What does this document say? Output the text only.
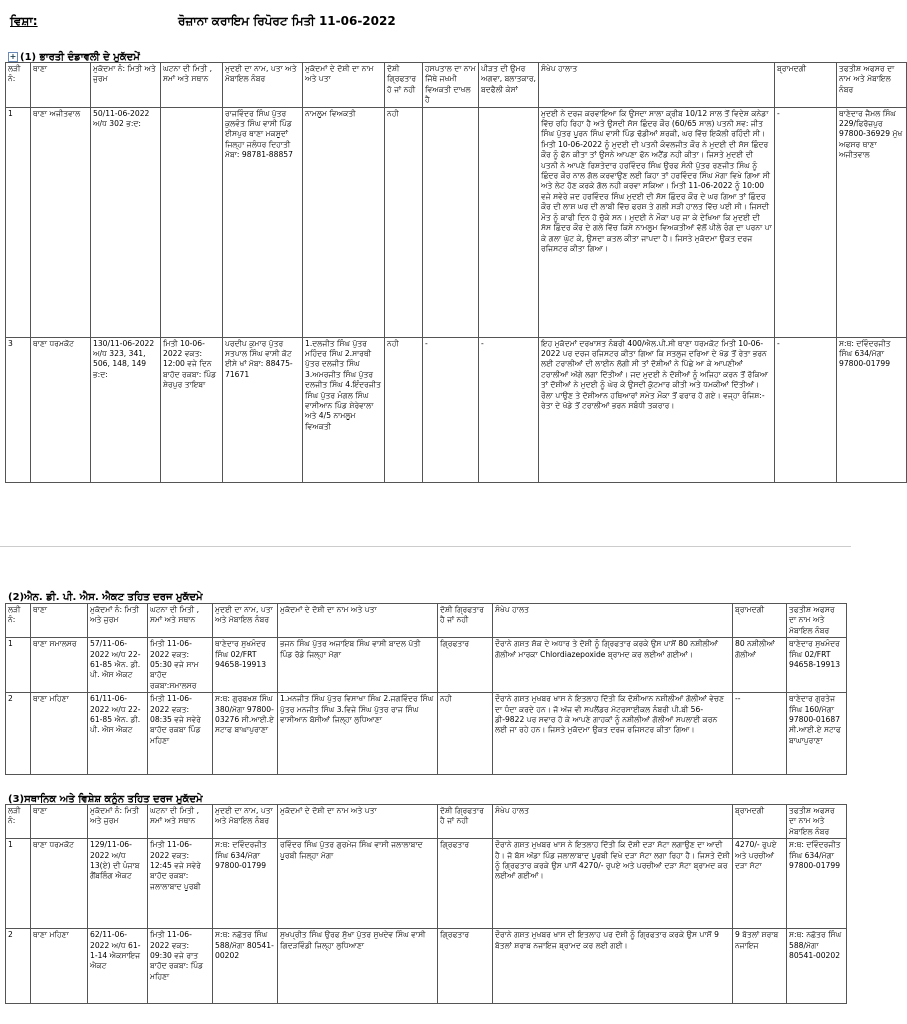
ਵਿਸ਼ਾ:	ਰੋਜ਼ਾਨਾ ਕਰਾਇਮ ਰਿਪੋਰਟ ਮਿਤੀ 11-06-2022
+ (1) ਭਾਰਤੀ ਦੰਡਾਵਲੀ ਦੇ ਮੁਕੱਦਮੇਂ
ਲੜੀ ਨੰ:	ਥਾਣਾ	ਮੁਕੱਦਮਾ ਨੰ: ਮਿਤੀ ਅਤੇ ਜੁਰਮ	ਘਟਨਾ ਦੀ ਮਿਤੀ , ਸਮਾਂ ਅਤੇ ਸਥਾਨ	ਮੁਦਈ ਦਾ ਨਾਮ, ਪਤਾ ਅਤੇ ਮੋਬਾਇਲ ਨੰਬਰ	ਮੁਕੱਦਮਾਂ ਦੇ ਦੋਸ਼ੀ ਦਾ ਨਾਮ ਅਤੇ ਪਤਾ	ਦੋਸ਼ੀ ਗ੍ਰਿਫਤਾਰ ਹੋ ਜਾਂ ਨਹੀ	ਹਸਪਤਾਲ ਦਾ ਨਾਮ ਜਿੱਥੇ ਜਖਮੀ ਵਿਅਕਤੀ ਦਾਖਲ ਹੈ	ਪੀੜਤ ਦੀ ਉਮਰ ਅਗਵਾ, ਬਲਾਤਕਾਰ, ਬਦਫੈਲੀ ਕੇਸਾਂ	ਸੰਖੇਪ ਹਾਲਾਤ	ਬ੍ਰਾਮਦਗੀ	ਤਫਤੀਸ਼ ਅਫਸਰ ਦਾ ਨਾਮ ਅਤੇ ਮੋਬਾਇਲ ਨੰਬਰ
1	ਥਾਣਾ ਅਜੀਤਵਾਲ	50/11-06-2022 ਅ/ਧ 302 ਭ:ਦ:		ਰਾਜਵਿੰਦਰ ਸਿੰਘ ਪੁੱਤਰ ਕੁਲਵੰਤ ਸਿੰਘ ਵਾਸੀ ਪਿੰਡ ਈਸਪੁਰ ਥਾਣਾ ਮਕਸੂਦਾਂ ਜਿਲ੍ਹਾ ਜਲੰਧਰ ਦਿਹਾਤੀ ਮੋਬਾ: 98781-88857	ਨਾਮਲੂਮ ਵਿਅਕਤੀ	ਨਹੀ			ਮੁਦਈ ਨੇ ਦਰਜ ਕਰਵਾਇਆ ਕਿ ਉਸਦਾ ਸਾਲਾ ਕ੍ਰੀਬ 10/12 ਸਾਲ ਤੋਂ ਵਿਦੇਸ਼ ਕਨੇਡਾ ਵਿੱਚ ਰਹਿ ਰਿਹਾ ਹੈ ਅਤੇ ਉਸਦੀ ਸੱਸ ਛਿੰਦਰ ਕੌਰ (60/65 ਸਾਲ) ਪਤਨੀ ਸਵ: ਜੀਤ ਸਿੰਘ ਪੁੱਤਰ ਪੂਰਨ ਸਿੰਘ ਵਾਸੀ ਪਿੰਡ ਢੱਡੀਆਂ ਸ਼ਰਕੀ, ਘਰ ਵਿੱਚ ਇਕੱਲੀ ਰਹਿੰਦੀ ਸੀ। ਮਿਤੀ 10-06-2022 ਨੂੰ ਮੁਦਈ ਦੀ ਪਤਨੀ ਕੰਵਲਜੀਤ ਕੌਰ ਨੇ ਮੁਦਈ ਦੀ ਸੱਸ ਛਿੰਦਰ ਕੌਰ ਨੂੰ ਫੋਨ ਕੀਤਾ ਤਾਂ ਉਸਨੇ ਆਪਣਾ ਫੋਨ ਅਟੈਂਡ ਨਹੀ ਕੀਤਾ। ਜਿਸਤੇ ਮੁਦਈ ਦੀ ਪਤਨੀ ਨੇ ਆਪਣੇ ਰਿਸ਼ਤੇਦਾਰ ਹਰਵਿੰਦਰ ਸਿੰਘ ਉਰਫ ਸੰਨੀ ਪੁੱਤਰ ਰਣਜੀਤ ਸਿੰਘ ਨੂੰ ਛਿੰਦਰ ਕੌਰ ਨਾਲ ਗੱਲ ਕਰਵਾਉਣ ਲਈ ਕਿਹਾ ਤਾਂ ਹਰਵਿੰਦਰ ਸਿੰਘ ਮੋਗਾ ਵਿਖੇ ਗਿਆ ਸੀ ਅਤੇ ਲੇਟ ਹੋਣ ਕਰਕੇ ਗੱਲ ਨਹੀ ਕਰਵਾ ਸਕਿਆ। ਮਿਤੀ 11-06-2022 ਨੂੰ 10:00 ਵਜੇ ਸਵੇਰੇ ਜਦ ਹਰਵਿੰਦਰ ਸਿੰਘ ਮੁਦਈ ਦੀ ਸੱਸ ਛਿੰਦਰ ਕੌਰ ਦੇ ਘਰ ਗਿਆ ਤਾਂ ਛਿੰਦਰ ਕੌਰ ਦੀ ਲਾਸ਼ ਘਰ ਦੀ ਲਾਬੀ ਵਿੱਚ ਫਰਸ਼ ਤੇ ਗਲੀ ਸੜੀ ਹਾਲਤ ਵਿੱਚ ਪਈ ਸੀ। ਜਿਸਦੀ ਮੌਤ ਨੂੰ ਕਾਫੀ ਦਿਨ ਹੋ ਚੁੱਕੇ ਸਨ। ਮੁਦਈ ਨੇ ਮੌਕਾ ਪਰ ਜਾ ਕੇ ਦੇਖਿਆ ਕਿ ਮੁਦਈ ਦੀ ਸੱਸ ਛਿੰਦਰ ਕੌਰ ਦੇ ਗਲੇ ਵਿੱਚ ਕਿਸੇ ਨਾਮਲੂਮ ਵਿਅਕਤੀਆਂ ਵੱਲੋਂ ਪੀਲੇ ਰੰਗ ਦਾ ਪਰਨਾ ਪਾ ਕੇ ਗਲਾ ਘੁੱਟ ਕੇ, ਉਸਦਾ ਕਤਲ ਕੀਤਾ ਜਾਪਦਾ ਹੈ। ਜਿਸਤੇ ਮੁਕੱਦਮਾ ਉਕਤ ਦਰਜ ਰਜਿਸਟਰ ਕੀਤਾ ਗਿਆ।	-	ਥਾਣੇਦਾਰ ਜੈਮਲ ਸਿੰਘ 229/ਫਿਰੋਜ਼ਪੁਰ 97800-36929 ਮੁੱਖ ਅਫਸਰ ਥਾਣਾ ਅਜੀਤਵਾਲ
3	ਥਾਣਾ ਧਰਮਕੋਟ	130/11-06-2022 ਅ/ਧ 323, 341, 506, 148, 149 ਭ:ਦ:	ਮਿਤੀ 10-06-2022 ਵਕਤ: 12:00 ਵਜੇ ਦਿਨ ਬਾਹੱਦ ਰਕਬਾ: ਪਿੰਡ ਸ਼ੇਰਪੁਰ ਤਾਇਬਾ	ਪਰਦੀਪ ਕੁਮਾਰ ਪੁੱਤਰ ਸਤਪਾਲ ਸਿੰਘ ਵਾਸੀ ਕੋਟ ਈਸੇ ਖਾਂ ਮੋਬਾ: 88475-71671	1.ਦਲਜੀਤ ਸਿੰਘ ਪੁੱਤਰ ਮਹਿੰਦਰ ਸਿੰਘ 2.ਸਾਰਥੀ ਪੁੱਤਰ ਦਲਜੀਤ ਸਿੰਘ 3.ਅਮਰਜੀਤ ਸਿੰਘ ਪੁੱਤਰ ਦਲਜੀਤ ਸਿੰਘ 4.ਇੰਦਰਜੀਤ ਸਿੰਘ ਪੁੱਤਰ ਮੰਗਲ ਸਿੰਘ ਵਾਸੀਆਨ ਪਿੰਡ ਸ਼ੇਰੇਵਾਲਾ ਅਤੇ 4/5 ਨਾਮਲੂਮ ਵਿਅਕਤੀ	ਨਹੀ	-	-	ਇਹ ਮੁਕੱਦਮਾਂ ਦਰਖਾਸਤ ਨੰਬਰੀ 400/ਐਲ.ਪੀ.ਸੀ ਥਾਣਾ ਧਰਮਕੋਟ ਮਿਤੀ 10-06-2022 ਪਰ ਦਰਜ ਰਜਿਸਟਰ ਕੀਤਾ ਗਿਆ ਕਿ ਸਤਲੁਜ ਦਰਿਆ ਦੇ ਖੱਡ ਤੋਂ ਰੇਤਾ ਭਰਨ ਲਈ ਟਰਾਲੀਆਂ ਦੀ ਲਾਈਨ ਲੱਗੀ ਸੀ ਤਾਂ ਦੋਸ਼ੀਆਂ ਨੇ ਪਿੱਛੇ ਆ ਕੇ ਆਪਣੀਆਂ ਟਰਾਲੀਆਂ ਅੱਗੇ ਲਗਾ ਦਿੱਤੀਆਂ। ਜਦ ਮੁਦਈ ਨੇ ਦੋਸ਼ੀਆਂ ਨੂੰ ਅਜਿਹਾ ਕਰਨ ਤੋਂ ਰੋਕਿਆ ਤਾਂ ਦੋਸ਼ੀਆਂ ਨੇ ਮੁਦਈ ਨੂੰ ਘੇਰ ਕੇ ਉਸਦੀ ਕੁੱਟਮਾਰ ਕੀਤੀ ਅਤੇ ਧਮਕੀਆਂ ਦਿੱਤੀਆਂ। ਰੌਲਾ ਪਾਉਣ ਤੇ ਦੋਸ਼ੀਆਨ ਹਥਿਆਰਾਂ ਸਮੇਤ ਮੌਕਾ ਤੋਂ ਫਰਾਰ ਹੋ ਗਏ। ਵਜ੍ਹਾ ਰੰਜਿਸ਼:- ਰੇਤਾ ਦੇ ਖੱਡੇ ਤੋਂ ਟਰਾਲੀਆਂ ਭਰਨ ਸਬੰਧੀ ਤਕਰਾਰ।	-	ਸ:ਥ: ਦਵਿੰਦਰਜੀਤ ਸਿੰਘ 634/ਮੋਗਾ 97800-01799
(2)ਐਨ. ਡੀ. ਪੀ. ਐਸ. ਐਕਟ ਤਹਿਤ ਦਰਜ ਮੁਕੱਦਮੇ
ਲੜੀ ਨੰ:	ਥਾਣਾ	ਮੁਕੱਦਮਾਂ ਨੰ: ਮਿਤੀ ਅਤੇ ਜੁਰਮ	ਘਟਨਾ ਦੀ ਮਿਤੀ , ਸਮਾਂ ਅਤੇ ਸਥਾਨ	ਮੁਦਈ ਦਾ ਨਾਮ, ਪਤਾ ਅਤੇ ਮੋਬਾਇਲ ਨੰਬਰ	ਮੁਕੱਦਮਾਂ ਦੇ ਦੋਸ਼ੀ ਦਾ ਨਾਮ ਅਤੇ ਪਤਾ	ਦੋਸ਼ੀ ਗ੍ਰਿਫਤਾਰ ਹੈ ਜਾਂ ਨਹੀ	ਸੰਖੇਪ ਹਾਲਤ	ਬ੍ਰਾਮਦਗੀ	ਤਫਤੀਸ਼ ਅਫਸਰ ਦਾ ਨਾਮ ਅਤੇ ਮੋਬਾਇਲ ਨੰਬਰ
1	ਥਾਣਾ ਸਮਾਲਸਰ	57/11-06-2022 ਅ/ਧ 22-61-85 ਐਨ. ਡੀ. ਪੀ. ਐਸ ਐਕਟ	ਮਿਤੀ 11-06-2022 ਵਕਤ: 05:30 ਵਜੇ ਸਾਮ ਬਾਹੱਦ ਰਕਬਾ:ਸਮਾਲਸਰ	ਥਾਣੇਦਾਰ ਸੁਖਮੰਦਰ ਸਿੰਘ 02/FRT 94658-19913	ਭਜਨ ਸਿੰਘ ਪੁੱਤਰ ਅਜਾਇਬ ਸਿੰਘ ਵਾਸੀ ਬਾਦਲ ਪੱਤੀ ਪਿੰਡ ਰੋਡੇ ਜਿਲ੍ਹਾ ਮੋਗਾ	ਗ੍ਰਿਫਤਾਰ	ਦੌਰਾਨੇ ਗਸ਼ਤ ਸ਼ੱਕ ਦੇ ਅਧਾਰ ਤੇ ਦੋਸ਼ੀ ਨੂੰ ਗ੍ਰਿਫਤਾਰ ਕਰਕੇ ਉਸ ਪਾਸੋਂ 80 ਨਸ਼ੀਲੀਆਂ ਗੋਲੀਆਂ ਮਾਰਕਾ Chlordiazepoxide ਬ੍ਰਾਮਦ ਕਰ ਲਈਆਂ ਗਈਆਂ।	80 ਨਸ਼ੀਲੀਆਂ ਗੋਲੀਆਂ	ਥਾਣੇਦਾਰ ਸੁਖਮੰਦਰ ਸਿੰਘ 02/FRT 94658-19913
2	ਥਾਣਾ ਮਹਿਣਾ	61/11-06-2022 ਅ/ਧ 22-61-85 ਐਨ. ਡੀ. ਪੀ. ਐਸ ਐਕਟ	ਮਿਤੀ 11-06-2022 ਵਕਤ: 08:35 ਵਜੇ ਸਵੇਰੇ ਬਾਹੱਦ ਰਕਬਾ ਪਿੰਡ ਮਹਿਣਾ	ਸ:ਥ: ਗੁਰਬਖਸ਼ ਸਿੰਘ 380/ਮੋਗਾ 97800-03276 ਸੀ.ਆਈ.ਏ ਸਟਾਫ ਬਾਘਾਪੁਰਾਣਾ	1.ਮਨਜੀਤ ਸਿੰਘ ਪੁੱਤਰ ਵਿਸਾਖਾ ਸਿੰਘ 2.ਜਗਵਿੰਦਰ ਸਿੰਘ ਪੁੱਤਰ ਮਨਜੀਤ ਸਿੰਘ 3.ਵਿਜੇ ਸਿੰਘ ਪੁੱਤਰ ਰਾਜ ਸਿੰਘ ਵਾਸੀਆਨ ਬੱਸੀਆਂ ਜਿਲ੍ਹਾ ਲੁਧਿਆਣਾ	ਨਹੀ	ਦੌਰਾਨੇ ਗਸ਼ਤ ਮੁਖਬਰ ਖਾਸ ਨੇ ਇਤਲਾਹ ਦਿੱਤੀ ਕਿ ਦੋਸ਼ੀਆਨ ਨਸ਼ੀਲੀਆਂ ਗੋਲੀਆਂ ਵੇਚਣ ਦਾ ਧੰਦਾ ਕਰਦੇ ਹਨ। ਜੋ ਅੱਜ ਵੀ ਸਪਲੈਂਡਰ ਮੋਟਰਸਾਈਕਲ ਨੰਬਰੀ ਪੀ.ਬੀ 56-ਡੀ-9822 ਪਰ ਸਵਾਰ ਹੋ ਕੇ ਆਪਣੇ ਗਾਹਕਾਂ ਨੂੰ ਨਸ਼ੀਲੀਆਂ ਗੋਲੀਆਂ ਸਪਲਾਈ ਕਰਨ ਲਈ ਜਾ ਰਹੇ ਹਨ। ਜਿਸਤੇ ਮੁਕੱਦਮਾ ਉਕਤ ਦਰਜ ਰਜਿਸਟਰ ਕੀਤਾ ਗਿਆ।	--	ਥਾਣੇਦਾਰ ਗੁਰਤੇਜ ਸਿੰਘ 160/ਮੋਗਾ 97800-01687 ਸੀ.ਆਈ.ਏ ਸਟਾਫ ਬਾਘਾਪੁਰਾਣਾ
(3)ਸਥਾਨਿਕ ਅਤੇ ਵਿਸ਼ੇਸ਼ ਕਨੂੰਨ ਤਹਿਤ ਦਰਜ ਮੁਕੱਦਮੇ
ਲੜੀ ਨੰ:	ਥਾਣਾ	ਮੁਕੱਦਮਾਂ ਨੰ: ਮਿਤੀ ਅਤੇ ਜੁਰਮ	ਘਟਨਾ ਦੀ ਮਿਤੀ , ਸਮਾਂ ਅਤੇ ਸਥਾਨ	ਮੁਦਈ ਦਾ ਨਾਮ, ਪਤਾ ਅਤੇ ਮੋਬਾਇਲ ਨੰਬਰ	ਮੁਕੱਦਮਾਂ ਦੇ ਦੋਸ਼ੀ ਦਾ ਨਾਮ ਅਤੇ ਪਤਾ	ਦੋਸ਼ੀ ਗ੍ਰਿਫਤਾਰ ਹੈ ਜਾਂ ਨਹੀ	ਸੰਖੇਪ ਹਾਲਤ	ਬ੍ਰਾਮਦਗੀ	ਤਫਤੀਸ਼ ਅਫਸਰ ਦਾ ਨਾਮ ਅਤੇ ਮੋਬਾਇਲ ਨੰਬਰ
1	ਥਾਣਾ ਧਰਮਕੋਟ	129/11-06-2022 ਅ/ਧ 13(ਏ) ਦੀ ਪੰਜਾਬ ਗੈਂਬਲਿੰਗ ਐਕਟ	ਮਿਤੀ 11-06-2022 ਵਕਤ: 12:45 ਵਜੇ ਸਵੇਰੇ ਬਾਹੱਦ ਰਕਬਾ: ਜਲਾਲਾਬਾਦ ਪੂਰਬੀ	ਸ:ਥ: ਦਵਿੰਦਰਜੀਤ ਸਿੰਘ 634/ਮੋਗਾ 97800-01799	ਰਵਿੰਦਰ ਸਿੰਘ ਪੁੱਤਰ ਗੁਰਮੇਜ ਸਿੰਘ ਵਾਸੀ ਜਲਾਲਾਬਾਦ ਪੂਰਬੀ ਜਿਲ੍ਹਾ ਮੋਗਾ	ਗ੍ਰਿਫਤਾਰ	ਦੌਰਾਨੇ ਗਸ਼ਤ ਮੁਖਬਰ ਖਾਸ ਨੇ ਇਤਲਾਹ ਦਿੱਤੀ ਕਿ ਦੋਸ਼ੀ ਦੜਾ ਸੱਟਾ ਲਗਾਉਣ ਦਾ ਆਦੀ ਹੈ। ਜੋ ਬੱਸ ਅੱਡਾ ਪਿੰਡ ਜਲਾਲਾਬਾਦ ਪੂਰਬੀ ਵਿਖੇ ਦੜਾ ਸੱਟਾ ਲਗਾ ਰਿਹਾ ਹੈ। ਜਿਸਤੇ ਦੋਸ਼ੀ ਨੂੰ ਗ੍ਰਿਫਤਾਰ ਕਰਕੇ ਉਸ ਪਾਸੋਂ 4270/- ਰੁਪਏ ਅਤੇ ਪਰਚੀਆਂ ਦੜਾ ਸੱਟਾ ਬ੍ਰਾਮਦ ਕਰ ਲਈਆਂ ਗਈਆਂ।	4270/- ਰੁਪਏ ਅਤੇ ਪਰਚੀਆਂ ਦੜਾ ਸੱਟਾ	ਸ:ਥ: ਦਵਿੰਦਰਜੀਤ ਸਿੰਘ 634/ਮੋਗਾ 97800-01799
2	ਥਾਣਾ ਮਹਿਣਾ	62/11-06-2022 ਅ/ਧ 61-1-14 ਐਕਸਾਇਜ ਐਕਟ	ਮਿਤੀ 11-06-2022 ਵਕਤ: 09:30 ਵਜੇ ਰਾਤ ਬਾਹੱਦ ਰਕਬਾ: ਪਿੰਡ ਮਹਿਣਾ	ਸ:ਥ: ਨਛੱਤਰ ਸਿੰਘ 588/ਮੋਗਾ 80541-00202	ਸੁਖਪ੍ਰੀਤ ਸਿੰਘ ਉਰਫ ਸੁੱਖਾ ਪੁੱਤਰ ਸੁਖਦੇਵ ਸਿੰਘ ਵਾਸੀ ਗਿਦੜਵਿੰਡੀ ਜਿਲ੍ਹਾ ਲੁਧਿਆਣਾ	ਗ੍ਰਿਫਤਾਰ	ਦੌਰਾਨੇ ਗਸ਼ਤ ਮੁਖਬਰ ਖਾਸ ਦੀ ਇਤਲਾਹ ਪਰ ਦੋਸ਼ੀ ਨੂੰ ਗ੍ਰਿਫਤਾਰ ਕਰਕੇ ਉਸ ਪਾਸੋਂ 9 ਬੋਤਲਾਂ ਸ਼ਰਾਬ ਨਜਾਇਜ ਬ੍ਰਾਮਦ ਕਰ ਲਈ ਗਈ।	9 ਬੋਤਲਾਂ ਸ਼ਰਾਬ ਨਜਾਇਜ	ਸ:ਥ: ਨਛੱਤਰ ਸਿੰਘ 588/ਮੋਗਾ 80541-00202
